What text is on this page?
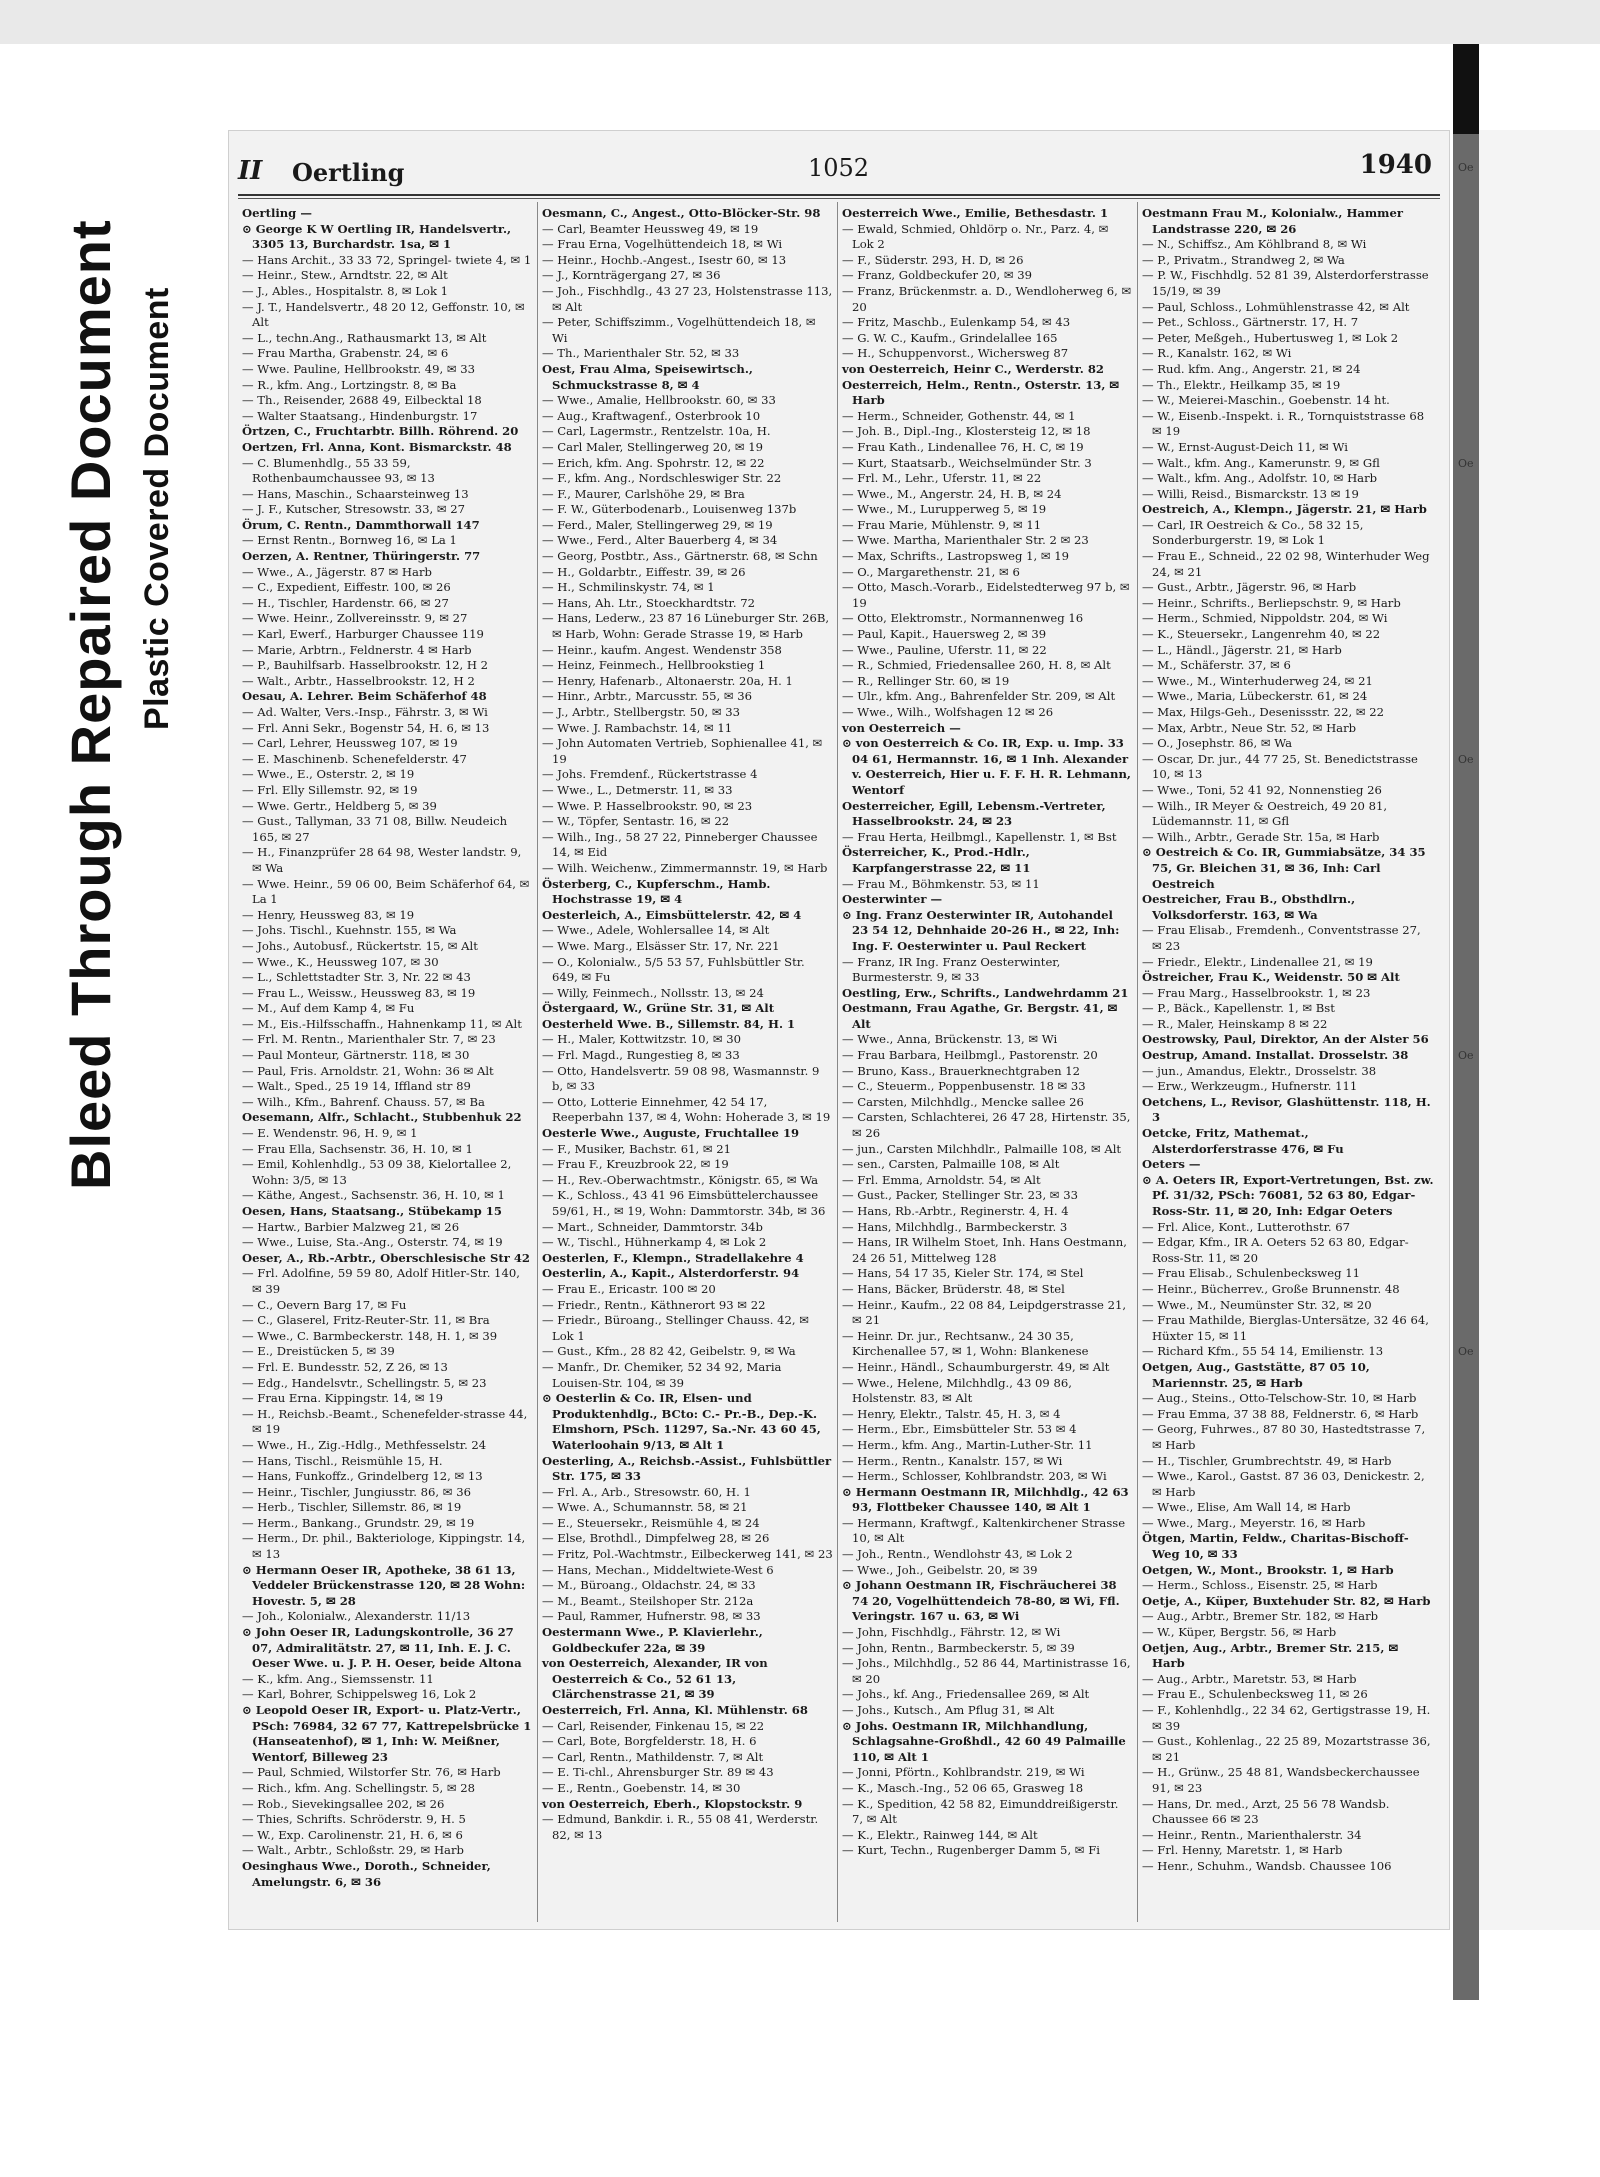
Bleed Through Repaired Document Plastic Covered Document
II Oertling	1052	1940

Oertling —

⊙ George K W Oertling IR, Handelsvertr., 3305 13, Burchardstr. 1sa, ✉ 1

— Hans Archit., 33 33 72, Springel- twiete 4, ✉ 1

— Heinr., Stew., Arndtstr. 22, ✉ Alt

— J., Ables., Hospitalstr. 8, ✉ Lok 1

— J. T., Handelsvertr., 48 20 12, Geffonstr. 10, ✉ Alt

— L., techn.Ang., Rathausmarkt 13, ✉ Alt

— Frau Martha, Grabenstr. 24, ✉ 6

— Wwe. Pauline, Hellbrookstr. 49, ✉ 33

— R., kfm. Ang., Lortzingstr. 8, ✉ Ba

— Th., Reisender, 2688 49, Eilbecktal 18

— Walter Staatsang., Hindenburgstr. 17

Örtzen, C., Fruchtarbtr. Billh. Röhrend. 20

Oertzen, Frl. Anna, Kont. Bismarckstr. 48

— C. Blumenhdlg., 55 33 59, Rothenbaumchaussee 93, ✉ 13

— Hans, Maschin., Schaarsteinweg 13

— J. F., Kutscher, Stresowstr. 33, ✉ 27

Örum, C. Rentn., Dammthorwall 147

— Ernst Rentn., Bornweg 16, ✉ La 1

Oerzen, A. Rentner, Thüringerstr. 77

— Wwe., A., Jägerstr. 87 ✉ Harb

— C., Expedient, Eiffestr. 100, ✉ 26

— H., Tischler, Hardenstr. 66, ✉ 27

— Wwe. Heinr., Zollvereinsstr. 9, ✉ 27

— Karl, Ewerf., Harburger Chaussee 119

— Marie, Arbtrn., Feldnerstr. 4 ✉ Harb

— P., Bauhilfsarb. Hasselbrookstr. 12, H 2

— Walt., Arbtr., Hasselbrookstr. 12, H 2

Oesau, A. Lehrer. Beim Schäferhof 48

— Ad. Walter, Vers.-Insp., Fährstr. 3, ✉ Wi

— Frl. Anni Sekr., Bogenstr 54, H. 6, ✉ 13

— Carl, Lehrer, Heussweg 107, ✉ 19

— E. Maschinenb. Schenefelderstr. 47

— Wwe., E., Osterstr. 2, ✉ 19

— Frl. Elly Sillemstr. 92, ✉ 19

— Wwe. Gertr., Heldberg 5, ✉ 39

— Gust., Tallyman, 33 71 08, Billw. Neudeich 165, ✉ 27

— H., Finanzprüfer 28 64 98, Wester landstr. 9, ✉ Wa

— Wwe. Heinr., 59 06 00, Beim Schäferhof 64, ✉ La 1

— Henry, Heussweg 83, ✉ 19

— Johs. Tischl., Kuehnstr. 155, ✉ Wa

— Johs., Autobusf., Rückertstr. 15, ✉ Alt

— Wwe., K., Heussweg 107, ✉ 30

— L., Schlettstadter Str. 3, Nr. 22 ✉ 43

— Frau L., Weissw., Heussweg 83, ✉ 19

— M., Auf dem Kamp 4, ✉ Fu

— M., Eis.-Hilfsschaffn., Hahnenkamp 11, ✉ Alt

— Frl. M. Rentn., Marienthaler Str. 7, ✉ 23

— Paul Monteur, Gärtnerstr. 118, ✉ 30

— Paul, Fris. Arnoldstr. 21, Wohn: 36 ✉ Alt

— Walt., Sped., 25 19 14, Iffland str 89

— Wilh., Kfm., Bahrenf. Chauss. 57, ✉ Ba

Oesemann, Alfr., Schlacht., Stubbenhuk 22

— E. Wendenstr. 96, H. 9, ✉ 1

— Frau Ella, Sachsenstr. 36, H. 10, ✉ 1

— Emil, Kohlenhdlg., 53 09 38, Kielortallee 2, Wohn: 3/5, ✉ 13

— Käthe, Angest., Sachsenstr. 36, H. 10, ✉ 1

Oesen, Hans, Staatsang., Stübekamp 15

— Hartw., Barbier Malzweg 21, ✉ 26

— Wwe., Luise, Sta.-Ang., Osterstr. 74, ✉ 19

Oeser, A., Rb.-Arbtr., Oberschlesische Str 42

— Frl. Adolfine, 59 59 80, Adolf Hitler-Str. 140, ✉ 39

— C., Oevern Barg 17, ✉ Fu

— C., Glaserel, Fritz-Reuter-Str. 11, ✉ Bra

— Wwe., C. Barmbeckerstr. 148, H. 1, ✉ 39

— E., Dreistücken 5, ✉ 39

— Frl. E. Bundesstr. 52, Z 26, ✉ 13

— Edg., Handelsvtr., Schellingstr. 5, ✉ 23

— Frau Erna. Kippingstr. 14, ✉ 19

— H., Reichsb.-Beamt., Schenefelder-strasse 44, ✉ 19

— Wwe., H., Zig.-Hdlg., Methfesselstr. 24

— Hans, Tischl., Reismühle 15, H.

— Hans, Funkoffz., Grindelberg 12, ✉ 13

— Heinr., Tischler, Jungiusstr. 86, ✉ 36

— Herb., Tischler, Sillemstr. 86, ✉ 19

— Herm., Bankang., Grundstr. 29, ✉ 19

— Herm., Dr. phil., Bakteriologe, Kippingstr. 14, ✉ 13

⊙ Hermann Oeser IR, Apotheke, 38 61 13, Veddeler Brückenstrasse 120, ✉ 28 Wohn: Hovestr. 5, ✉ 28

— Joh., Kolonialw., Alexanderstr. 11/13

⊙ John Oeser IR, Ladungskontrolle, 36 27 07, Admiralitätstr. 27, ✉ 11, Inh. E. J. C. Oeser Wwe. u. J. P. H. Oeser, beide Altona

— K., kfm. Ang., Siemssenstr. 11

— Karl, Bohrer, Schippelsweg 16, Lok 2

⊙ Leopold Oeser IR, Export- u. Platz-Vertr., PSch: 76984, 32 67 77, Kattrepelsbrücke 1 (Hanseatenhof), ✉ 1, Inh: W. Meißner, Wentorf, Billeweg 23

— Paul, Schmied, Wilstorfer Str. 76, ✉ Harb

— Rich., kfm. Ang. Schellingstr. 5, ✉ 28

— Rob., Sievekingsallee 202, ✉ 26

— Thies, Schrifts. Schröderstr. 9, H. 5

— W., Exp. Carolinenstr. 21, H. 6, ✉ 6

— Walt., Arbtr., Schloßstr. 29, ✉ Harb

Oesinghaus Wwe., Doroth., Schneider, Amelungstr. 6, ✉ 36

Oesmann, C., Angest., Otto-Blöcker-Str. 98

— Carl, Beamter Heussweg 49, ✉ 19

— Frau Erna, Vogelhüttendeich 18, ✉ Wi

— Heinr., Hochb.-Angest., Isestr 60, ✉ 13

— J., Kornträgergang 27, ✉ 36

— Joh., Fischhdlg., 43 27 23, Holstenstrasse 113, ✉ Alt

— Peter, Schiffszimm., Vogelhüttendeich 18, ✉ Wi

— Th., Marienthaler Str. 52, ✉ 33

Oest, Frau Alma, Speisewirtsch., Schmuckstrasse 8, ✉ 4

— Wwe., Amalie, Hellbrookstr. 60, ✉ 33

— Aug., Kraftwagenf., Osterbrook 10

— Carl, Lagermstr., Rentzelstr. 10a, H.

— Carl Maler, Stellingerweg 20, ✉ 19

— Erich, kfm. Ang. Spohrstr. 12, ✉ 22

— F., kfm. Ang., Nordschleswiger Str. 22

— F., Maurer, Carlshöhe 29, ✉ Bra

— F. W., Güterbodenarb., Louisenweg 137b

— Ferd., Maler, Stellingerweg 29, ✉ 19

— Wwe., Ferd., Alter Bauerberg 4, ✉ 34

— Georg, Postbtr., Ass., Gärtnerstr. 68, ✉ Schn

— H., Goldarbtr., Eiffestr. 39, ✉ 26

— H., Schmilinskystr. 74, ✉ 1

— Hans, Ah. Ltr., Stoeckhardtstr. 72

— Hans, Lederw., 23 87 16 Lüneburger Str. 26B, ✉ Harb, Wohn: Gerade Strasse 19, ✉ Harb

— Heinr., kaufm. Angest. Wendenstr 358

— Heinz, Feinmech., Hellbrookstieg 1

— Henry, Hafenarb., Altonaerstr. 20a, H. 1

— Hinr., Arbtr., Marcusstr. 55, ✉ 36

— J., Arbtr., Stellbergstr. 50, ✉ 33

— Wwe. J. Rambachstr. 14, ✉ 11

— John Automaten Vertrieb, Sophienallee 41, ✉ 19

— Johs. Fremdenf., Rückertstrasse 4

— Wwe., L., Detmerstr. 11, ✉ 33

— Wwe. P. Hasselbrookstr. 90, ✉ 23

— W., Töpfer, Sentastr. 16, ✉ 22

— Wilh., Ing., 58 27 22, Pinneberger Chaussee 14, ✉ Eid

— Wilh. Weichenw., Zimmermannstr. 19, ✉ Harb

Österberg, C., Kupferschm., Hamb. Hochstrasse 19, ✉ 4

Oesterleich, A., Eimsbüttelerstr. 42, ✉ 4

— Wwe., Adele, Wohlersallee 14, ✉ Alt

— Wwe. Marg., Elsässer Str. 17, Nr. 221

— O., Kolonialw., 5/5 53 57, Fuhlsbüttler Str. 649, ✉ Fu

— Willy, Feinmech., Nollsstr. 13, ✉ 24

Östergaard, W., Grüne Str. 31, ✉ Alt

Oesterheld Wwe. B., Sillemstr. 84, H. 1

— H., Maler, Kottwitzstr. 10, ✉ 30

— Frl. Magd., Rungestieg 8, ✉ 33

— Otto, Handelsvertr. 59 08 98, Wasmannstr. 9 b, ✉ 33

— Otto, Lotterie Einnehmer, 42 54 17, Reeperbahn 137, ✉ 4, Wohn: Hoherade 3, ✉ 19

Oesterle Wwe., Auguste, Fruchtallee 19

— F., Musiker, Bachstr. 61, ✉ 21

— Frau F., Kreuzbrook 22, ✉ 19

— H., Rev.-Oberwachtmstr., Königstr. 65, ✉ Wa

— K., Schloss., 43 41 96 Eimsbüttelerchaussee 59/61, H., ✉ 19, Wohn: Dammtorstr. 34b, ✉ 36

— Mart., Schneider, Dammtorstr. 34b

— W., Tischl., Hühnerkamp 4, ✉ Lok 2

Oesterlen, F., Klempn., Stradellakehre 4

Oesterlin, A., Kapit., Alsterdorferstr. 94

— Frau E., Ericastr. 100 ✉ 20

— Friedr., Rentn., Käthnerort 93 ✉ 22

— Friedr., Büroang., Stellinger Chauss. 42, ✉ Lok 1

— Gust., Kfm., 28 82 42, Geibelstr. 9, ✉ Wa

— Manfr., Dr. Chemiker, 52 34 92, Maria Louisen-Str. 104, ✉ 39

⊙ Oesterlin & Co. IR, Elsen- und Produktenhdlg., BCto: C.- Pr.-B., Dep.-K. Elmshorn, PSch. 11297, Sa.-Nr. 43 60 45, Waterloohain 9/13, ✉ Alt 1

Oesterling, A., Reichsb.-Assist., Fuhlsbüttler Str. 175, ✉ 33

— Frl. A., Arb., Stresowstr. 60, H. 1

— Wwe. A., Schumannstr. 58, ✉ 21

— E., Steuersekr., Reismühle 4, ✉ 24

— Else, Brothdl., Dimpfelweg 28, ✉ 26

— Fritz, Pol.-Wachtmstr., Eilbeckerweg 141, ✉ 23

— Hans, Mechan., Middeltwiete-West 6

— M., Büroang., Oldachstr. 24, ✉ 33

— M., Beamt., Steilshoper Str. 212a

— Paul, Rammer, Hufnerstr. 98, ✉ 33

Oestermann Wwe., P. Klavierlehr., Goldbeckufer 22a, ✉ 39

von Oesterreich, Alexander, IR von Oesterreich & Co., 52 61 13, Clärchenstrasse 21, ✉ 39

Oesterreich, Frl. Anna, Kl. Mühlenstr. 68

— Carl, Reisender, Finkenau 15, ✉ 22

— Carl, Bote, Borgfelderstr. 18, H. 6

— Carl, Rentn., Mathildenstr. 7, ✉ Alt

— E. Ti-chl., Ahrensburger Str. 89 ✉ 43

— E., Rentn., Goebenstr. 14, ✉ 30

von Oesterreich, Eberh., Klopstockstr. 9

— Edmund, Bankdir. i. R., 55 08 41, Werderstr. 82, ✉ 13

Oesterreich Wwe., Emilie, Bethesdastr. 1

— Ewald, Schmied, Ohldörp o. Nr., Parz. 4, ✉ Lok 2

— F., Süderstr. 293, H. D, ✉ 26

— Franz, Goldbeckufer 20, ✉ 39

— Franz, Brückenmstr. a. D., Wendloherweg 6, ✉ 20

— Fritz, Maschb., Eulenkamp 54, ✉ 43

— G. W. C., Kaufm., Grindelallee 165

— H., Schuppenvorst., Wichersweg 87

von Oesterreich, Heinr C., Werderstr. 82

Oesterreich, Helm., Rentn., Osterstr. 13, ✉ Harb

— Herm., Schneider, Gothenstr. 44, ✉ 1

— Joh. B., Dipl.-Ing., Klostersteig 12, ✉ 18

— Frau Kath., Lindenallee 76, H. C, ✉ 19

— Kurt, Staatsarb., Weichselmünder Str. 3

— Frl. M., Lehr., Uferstr. 11, ✉ 22

— Wwe., M., Angerstr. 24, H. B, ✉ 24

— Wwe., M., Lurupperweg 5, ✉ 19

— Frau Marie, Mühlenstr. 9, ✉ 11

— Wwe. Martha, Marienthaler Str. 2 ✉ 23

— Max, Schrifts., Lastropsweg 1, ✉ 19

— O., Margarethenstr. 21, ✉ 6

— Otto, Masch.-Vorarb., Eidelstedterweg 97 b, ✉ 19

— Otto, Elektromstr., Normannenweg 16

— Paul, Kapit., Hauersweg 2, ✉ 39

— Wwe., Pauline, Uferstr. 11, ✉ 22

— R., Schmied, Friedensallee 260, H. 8, ✉ Alt

— R., Rellinger Str. 60, ✉ 19

— Ulr., kfm. Ang., Bahrenfelder Str. 209, ✉ Alt

— Wwe., Wilh., Wolfshagen 12 ✉ 26

von Oesterreich —

⊙ von Oesterreich & Co. IR, Exp. u. Imp. 33 04 61, Hermannstr. 16, ✉ 1 Inh. Alexander v. Oesterreich, Hier u. F. F. H. R. Lehmann, Wentorf

Oesterreicher, Egill, Lebensm.-Vertreter, Hasselbrookstr. 24, ✉ 23

— Frau Herta, Heilbmgl., Kapellenstr. 1, ✉ Bst

Österreicher, K., Prod.-Hdlr., Karpfangerstrasse 22, ✉ 11

— Frau M., Böhmkenstr. 53, ✉ 11

Oesterwinter —

⊙ Ing. Franz Oesterwinter IR, Autohandel 23 54 12, Dehnhaide 20-26 H., ✉ 22, Inh: Ing. F. Oesterwinter u. Paul Reckert

— Franz, IR Ing. Franz Oesterwinter, Burmesterstr. 9, ✉ 33

Oestling, Erw., Schrifts., Landwehrdamm 21

Oestmann, Frau Agathe, Gr. Bergstr. 41, ✉ Alt

— Wwe., Anna, Brückenstr. 13, ✉ Wi

— Frau Barbara, Heilbmgl., Pastorenstr. 20

— Bruno, Kass., Brauerknechtgraben 12

— C., Steuerm., Poppenbusenstr. 18 ✉ 33

— Carsten, Milchhdlg., Mencke sallee 26

— Carsten, Schlachterei, 26 47 28, Hirtenstr. 35, ✉ 26

— jun., Carsten Milchhdlr., Palmaille 108, ✉ Alt

— sen., Carsten, Palmaille 108, ✉ Alt

— Frl. Emma, Arnoldstr. 54, ✉ Alt

— Gust., Packer, Stellinger Str. 23, ✉ 33

— Hans, Rb.-Arbtr., Reginerstr. 4, H. 4

— Hans, Milchhdlg., Barmbeckerstr. 3

— Hans, IR Wilhelm Stoet, Inh. Hans Oestmann, 24 26 51, Mittelweg 128

— Hans, 54 17 35, Kieler Str. 174, ✉ Stel

— Hans, Bäcker, Brüderstr. 48, ✉ Stel

— Heinr., Kaufm., 22 08 84, Leipdgerstrasse 21, ✉ 21

— Heinr. Dr. jur., Rechtsanw., 24 30 35, Kirchenallee 57, ✉ 1, Wohn: Blankenese

— Heinr., Händl., Schaumburgerstr. 49, ✉ Alt

— Wwe., Helene, Milchhdlg., 43 09 86, Holstenstr. 83, ✉ Alt

— Henry, Elektr., Talstr. 45, H. 3, ✉ 4

— Herm., Ebr., Eimsbütteler Str. 53 ✉ 4

— Herm., kfm. Ang., Martin-Luther-Str. 11

— Herm., Rentn., Kanalstr. 157, ✉ Wi

— Herm., Schlosser, Kohlbrandstr. 203, ✉ Wi

⊙ Hermann Oestmann IR, Milchhdlg., 42 63 93, Flottbeker Chaussee 140, ✉ Alt 1

— Hermann, Kraftwgf., Kaltenkirchener Strasse 10, ✉ Alt

— Joh., Rentn., Wendlohstr 43, ✉ Lok 2

— Wwe., Joh., Geibelstr. 20, ✉ 39

⊙ Johann Oestmann IR, Fischräucherei 38 74 20, Vogelhüttendeich 78-80, ✉ Wi, Ffl. Veringstr. 167 u. 63, ✉ Wi

— John, Fischhdlg., Fährstr. 12, ✉ Wi

— John, Rentn., Barmbeckerstr. 5, ✉ 39

— Johs., Milchhdlg., 52 86 44, Martinistrasse 16, ✉ 20

— Johs., kf. Ang., Friedensallee 269, ✉ Alt

— Johs., Kutsch., Am Pflug 31, ✉ Alt

⊙ Johs. Oestmann IR, Milchhandlung, Schlagsahne-Großhdl., 42 60 49 Palmaille 110, ✉ Alt 1

— Jonni, Pförtn., Kohlbrandstr. 219, ✉ Wi

— K., Masch.-Ing., 52 06 65, Grasweg 18

— K., Spedition, 42 58 82, Eimunddreißigerstr. 7, ✉ Alt

— K., Elektr., Rainweg 144, ✉ Alt

— Kurt, Techn., Rugenberger Damm 5, ✉ Fi

Oestmann Frau M., Kolonialw., Hammer Landstrasse 220, ✉ 26

— N., Schiffsz., Am Köhlbrand 8, ✉ Wi

— P., Privatm., Strandweg 2, ✉ Wa

— P. W., Fischhdlg. 52 81 39, Alsterdorferstrasse 15/19, ✉ 39

— Paul, Schloss., Lohmühlenstrasse 42, ✉ Alt

— Pet., Schloss., Gärtnerstr. 17, H. 7

— Peter, Meßgeh., Hubertusweg 1, ✉ Lok 2

— R., Kanalstr. 162, ✉ Wi

— Rud. kfm. Ang., Angerstr. 21, ✉ 24

— Th., Elektr., Heilkamp 35, ✉ 19

— W., Meierei-Maschin., Goebenstr. 14 ht.

— W., Eisenb.-Inspekt. i. R., Tornquiststrasse 68 ✉ 19

— W., Ernst-August-Deich 11, ✉ Wi

— Walt., kfm. Ang., Kamerunstr. 9, ✉ Gfl

— Walt., kfm. Ang., Adolfstr. 10, ✉ Harb

— Willi, Reisd., Bismarckstr. 13 ✉ 19

Oestreich, A., Klempn., Jägerstr. 21, ✉ Harb

— Carl, IR Oestreich & Co., 58 32 15, Sonderburgerstr. 19, ✉ Lok 1

— Frau E., Schneid., 22 02 98, Winterhuder Weg 24, ✉ 21

— Gust., Arbtr., Jägerstr. 96, ✉ Harb

— Heinr., Schrifts., Berliepschstr. 9, ✉ Harb

— Herm., Schmied, Nippoldstr. 204, ✉ Wi

— K., Steuersekr., Langenrehm 40, ✉ 22

— L., Händl., Jägerstr. 21, ✉ Harb

— M., Schäferstr. 37, ✉ 6

— Wwe., M., Winterhuderweg 24, ✉ 21

— Wwe., Maria, Lübeckerstr. 61, ✉ 24

— Max, Hilgs-Geh., Desenissstr. 22, ✉ 22

— Max, Arbtr., Neue Str. 52, ✉ Harb

— O., Josephstr. 86, ✉ Wa

— Oscar, Dr. jur., 44 77 25, St. Benedictstrasse 10, ✉ 13

— Wwe., Toni, 52 41 92, Nonnenstieg 26

— Wilh., IR Meyer & Oestreich, 49 20 81, Lüdemannstr. 11, ✉ Gfl

— Wilh., Arbtr., Gerade Str. 15a, ✉ Harb

⊙ Oestreich & Co. IR, Gummiabsätze, 34 35 75, Gr. Bleichen 31, ✉ 36, Inh: Carl Oestreich

Oestreicher, Frau B., Obsthdlrn., Volksdorferstr. 163, ✉ Wa

— Frau Elisab., Fremdenh., Conventstrasse 27, ✉ 23

— Friedr., Elektr., Lindenallee 21, ✉ 19

Östreicher, Frau K., Weidenstr. 50 ✉ Alt

— Frau Marg., Hasselbrookstr. 1, ✉ 23

— P., Bäck., Kapellenstr. 1, ✉ Bst

— R., Maler, Heinskamp 8 ✉ 22

Oestrowsky, Paul, Direktor, An der Alster 56

Oestrup, Amand. Installat. Drosselstr. 38

— jun., Amandus, Elektr., Drosselstr. 38

— Erw., Werkzeugm., Hufnerstr. 111

Oetchens, L., Revisor, Glashüttenstr. 118, H. 3

Oetcke, Fritz, Mathemat., Alsterdorferstrasse 476, ✉ Fu

Oeters —

⊙ A. Oeters IR, Export-Vertretungen, Bst. zw. Pf. 31/32, PSch: 76081, 52 63 80, Edgar-Ross-Str. 11, ✉ 20, Inh: Edgar Oeters

— Frl. Alice, Kont., Lutterothstr. 67

— Edgar, Kfm., IR A. Oeters 52 63 80, Edgar-Ross-Str. 11, ✉ 20

— Frau Elisab., Schulenbecksweg 11

— Heinr., Bücherrev., Große Brunnenstr. 48

— Wwe., M., Neumünster Str. 32, ✉ 20

— Frau Mathilde, Bierglas-Untersätze, 32 46 64, Hüxter 15, ✉ 11

— Richard Kfm., 55 54 14, Emilienstr. 13

Oetgen, Aug., Gaststätte, 87 05 10, Mariennstr. 25, ✉ Harb

— Aug., Steins., Otto-Telschow-Str. 10, ✉ Harb

— Frau Emma, 37 38 88, Feldnerstr. 6, ✉ Harb

— Georg, Fuhrwes., 87 80 30, Hastedtstrasse 7, ✉ Harb

— H., Tischler, Grumbrechtstr. 49, ✉ Harb

— Wwe., Karol., Gastst. 87 36 03, Denickestr. 2, ✉ Harb

— Wwe., Elise, Am Wall 14, ✉ Harb

— Wwe., Marg., Meyerstr. 16, ✉ Harb

Ötgen, Martin, Feldw., Charitas-Bischoff-Weg 10, ✉ 33

Oetgen, W., Mont., Brookstr. 1, ✉ Harb

— Herm., Schloss., Eisenstr. 25, ✉ Harb

Oetje, A., Küper, Buxtehuder Str. 82, ✉ Harb

— Aug., Arbtr., Bremer Str. 182, ✉ Harb

— W., Küper, Bergstr. 56, ✉ Harb

Oetjen, Aug., Arbtr., Bremer Str. 215, ✉ Harb

— Aug., Arbtr., Maretstr. 53, ✉ Harb

— Frau E., Schulenbecksweg 11, ✉ 26

— F., Kohlenhdlg., 22 34 62, Gertigstrasse 19, H. ✉ 39

— Gust., Kohlenlag., 22 25 89, Mozartstrasse 36, ✉ 21

— H., Grünw., 25 48 81, Wandsbeckerchaussee 91, ✉ 23

— Hans, Dr. med., Arzt, 25 56 78 Wandsb. Chaussee 66 ✉ 23

— Heinr., Rentn., Marienthalerstr. 34

— Frl. Henny, Maretstr. 1, ✉ Harb

— Henr., Schuhm., Wandsb. Chaussee 106

Oe
Oe
Oe
Oe
Oe
